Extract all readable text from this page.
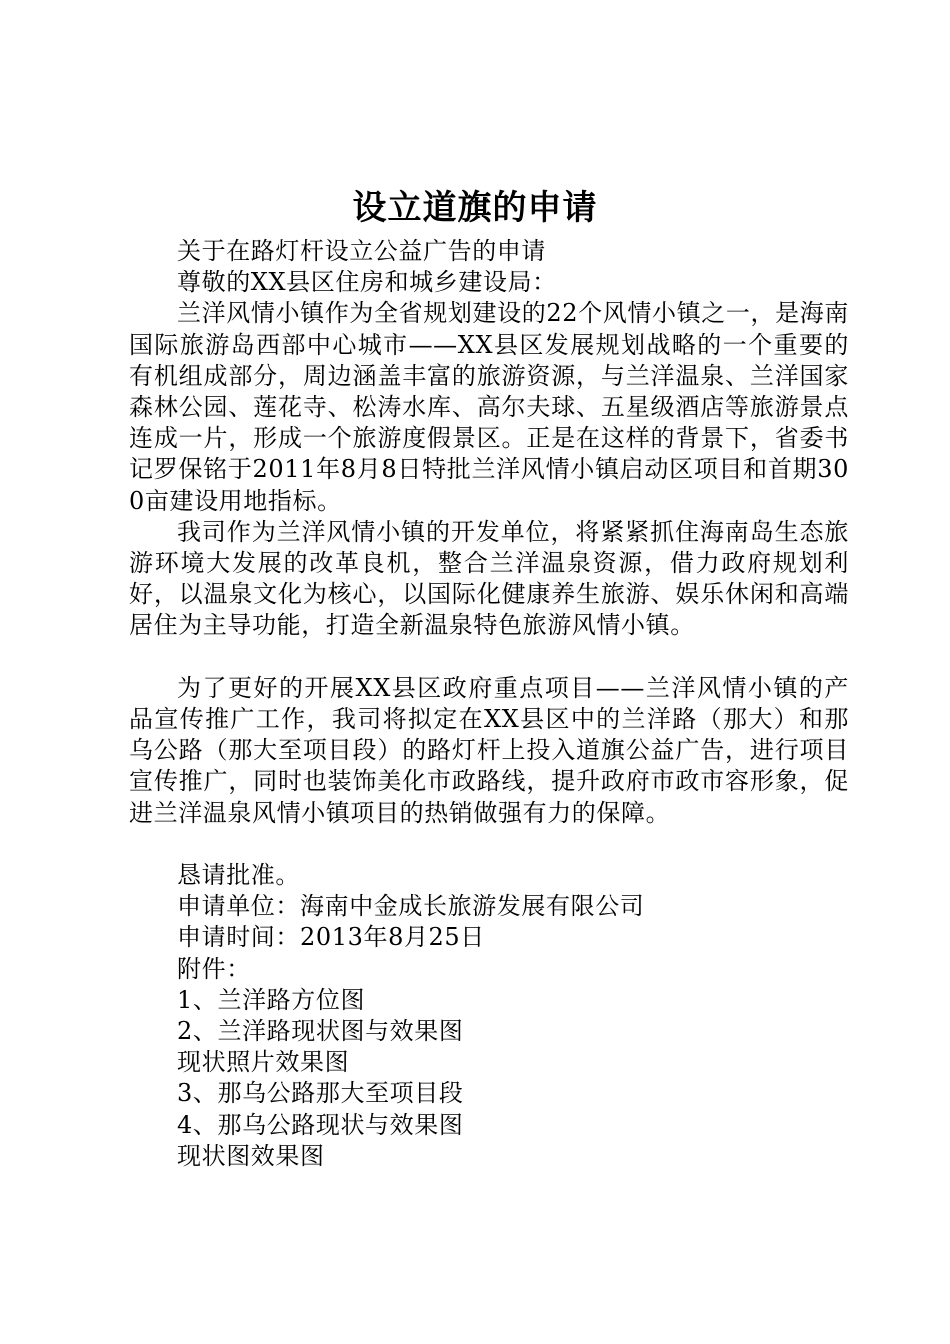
设立道旗的申请

关于在路灯杆设立公益广告的申请

尊敬的XX县区住房和城乡建设局：

兰洋风情小镇作为全省规划建设的22个风情小镇之一，是海南国际旅游岛西部中心城市——XX县区发展规划战略的一个重要的有机组成部分，周边涵盖丰富的旅游资源，与兰洋温泉、兰洋国家森林公园、莲花寺、松涛水库、高尔夫球、五星级酒店等旅游景点连成一片，形成一个旅游度假景区。正是在这样的背景下，省委书记罗保铭于2011年8月8日特批兰洋风情小镇启动区项目和首期300亩建设用地指标。

我司作为兰洋风情小镇的开发单位，将紧紧抓住海南岛生态旅游环境大发展的改革良机，整合兰洋温泉资源，借力政府规划利好，以温泉文化为核心，以国际化健康养生旅游、娱乐休闲和高端居住为主导功能，打造全新温泉特色旅游风情小镇。

为了更好的开展XX县区政府重点项目——兰洋风情小镇的产品宣传推广工作，我司将拟定在XX县区中的兰洋路（那大）和那乌公路（那大至项目段）的路灯杆上投入道旗公益广告，进行项目宣传推广，同时也装饰美化市政路线，提升政府市政市容形象，促进兰洋温泉风情小镇项目的热销做强有力的保障。

恳请批准。

申请单位：海南中金成长旅游发展有限公司

申请时间：2013年8月25日

附件：

1、兰洋路方位图

2、兰洋路现状图与效果图

现状照片效果图

3、那乌公路那大至项目段

4、那乌公路现状与效果图

现状图效果图
